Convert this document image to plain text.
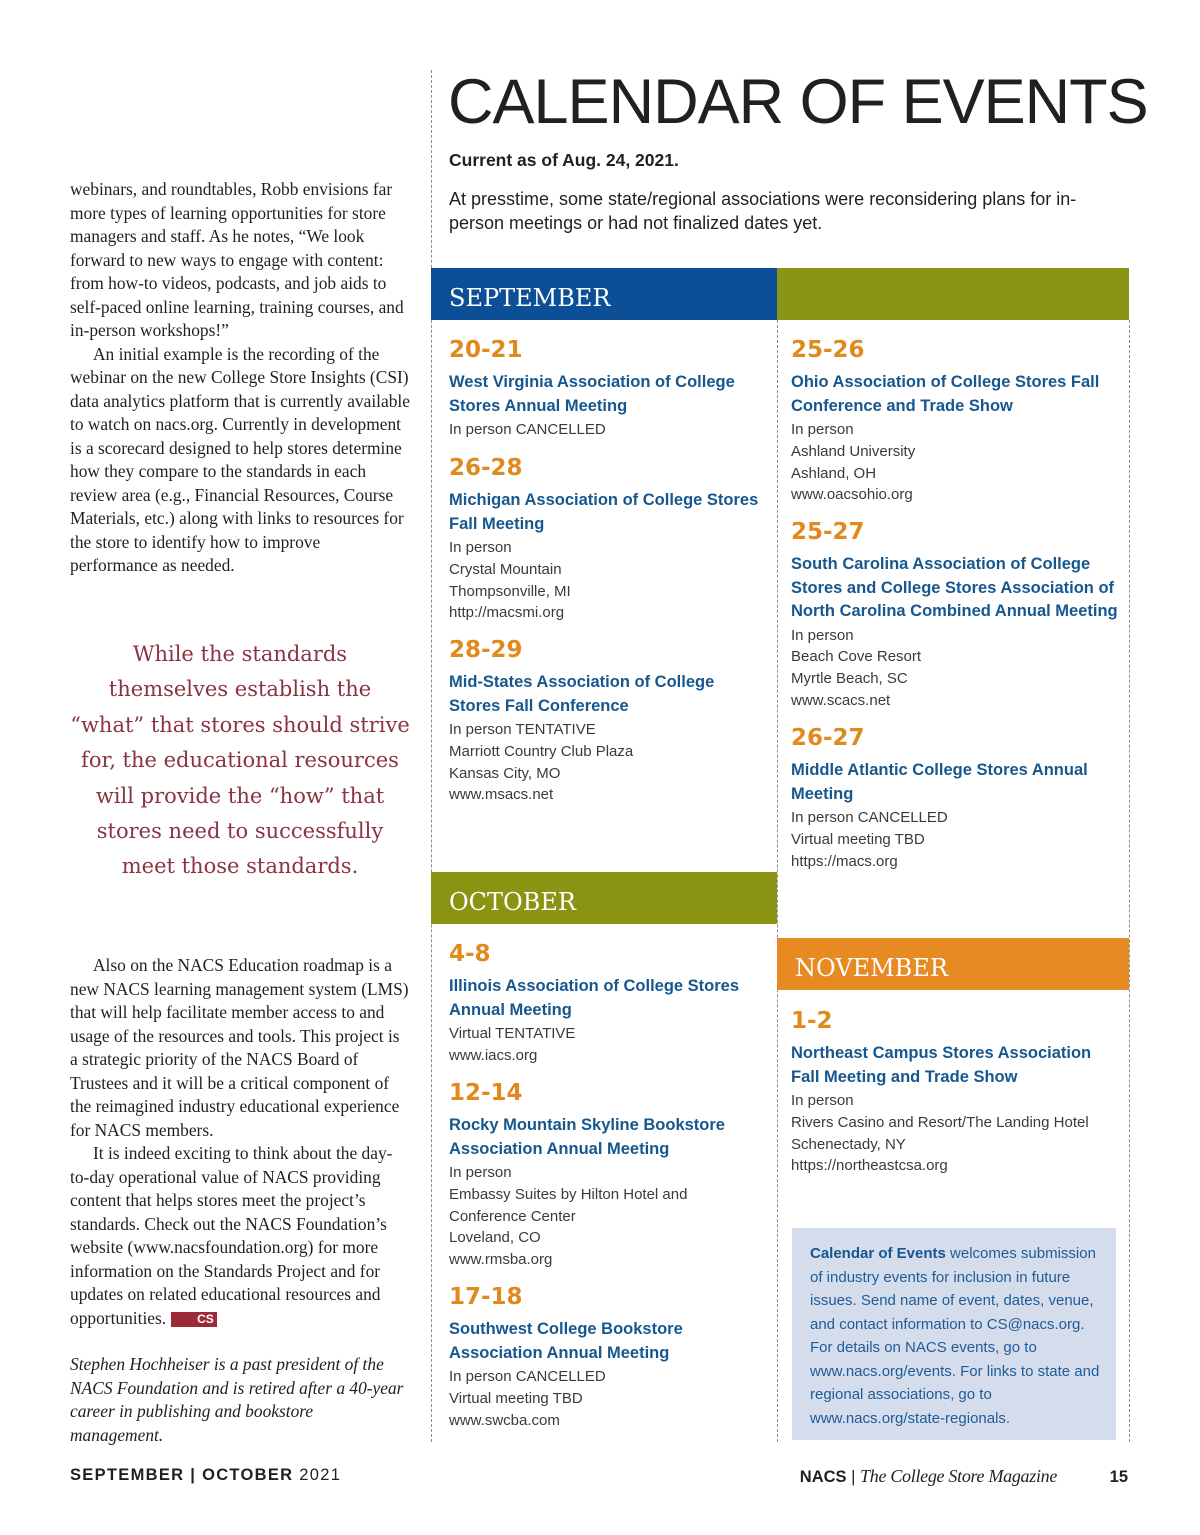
webinars, and roundtables, Robb envisions far more types of learning opportunities for store managers and staff. As he notes, “We look forward to new ways to engage with content: from how-to videos, podcasts, and job aids to self-paced online learning, training courses, and in-person workshops!”

An initial example is the recording of the webinar on the new College Store Insights (CSI) data analytics platform that is currently available to watch on nacs.org. Currently in development is a scorecard designed to help stores determine how they compare to the standards in each review area (e.g., Financial Resources, Course Materials, etc.) along with links to resources for the store to identify how to improve performance as needed.

While the standards themselves establish the “what” that stores should strive for, the educational resources will provide the “how” that stores need to successfully meet those standards.

Also on the NACS Education roadmap is a new NACS learning management system (LMS) that will help facilitate member access to and usage of the resources and tools. This project is a strategic priority of the NACS Board of Trustees and it will be a critical component of the reimagined industry educational experience for NACS members.

It is indeed exciting to think about the day-to-day operational value of NACS providing content that helps stores meet the project’s standards. Check out the NACS Foundation’s website (www.nacsfoundation.org) for more information on the Standards Project and for updates on related educational resources and opportunities.	CS

Stephen Hochheiser is a past president of the NACS Foundation and is retired after a 40-year career in publishing and bookstore management.

CALENDAR OF EVENTS
Current as of Aug. 24, 2021.

At presstime, some state/regional associations were reconsidering plans for in-person meetings or had not finalized dates yet.

SEPTEMBER
OCTOBER
NOVEMBER
20-21
West Virginia Association of College Stores Annual Meeting
In person CANCELLED
26-28
Michigan Association of College Stores Fall Meeting
In person
Crystal Mountain
Thompsonville, MI
http://macsmi.org
28-29
Mid-States Association of College Stores Fall Conference
In person TENTATIVE
Marriott Country Club Plaza
Kansas City, MO
www.msacs.net
25-26
Ohio Association of College Stores Fall Conference and Trade Show
In person
Ashland University
Ashland, OH
www.oacsohio.org
25-27
South Carolina Association of College Stores and College Stores Association of North Carolina Combined Annual Meeting
In person
Beach Cove Resort
Myrtle Beach, SC
www.scacs.net
26-27
Middle Atlantic College Stores Annual Meeting
In person CANCELLED
Virtual meeting TBD
https://macs.org
4-8
Illinois Association of College Stores Annual Meeting
Virtual TENTATIVE
www.iacs.org
12-14
Rocky Mountain Skyline Bookstore Association Annual Meeting
In person
Embassy Suites by Hilton Hotel and Conference Center
Loveland, CO
www.rmsba.org
17-18
Southwest College Bookstore Association Annual Meeting
In person CANCELLED
Virtual meeting TBD
www.swcba.com
1-2
Northeast Campus Stores Association Fall Meeting and Trade Show
In person
Rivers Casino and Resort/The Landing Hotel
Schenectady, NY
https://northeastcsa.org
Calendar of Events welcomes submission of industry events for inclusion in future issues. Send name of event, dates, venue, and contact information to CS@nacs.org. For details on NACS events, go to www.nacs.org/events. For links to state and regional associations, go to www.nacs.org/state-regionals.
SEPTEMBER | OCTOBER 2021	NACS | The College Store Magazine	15
